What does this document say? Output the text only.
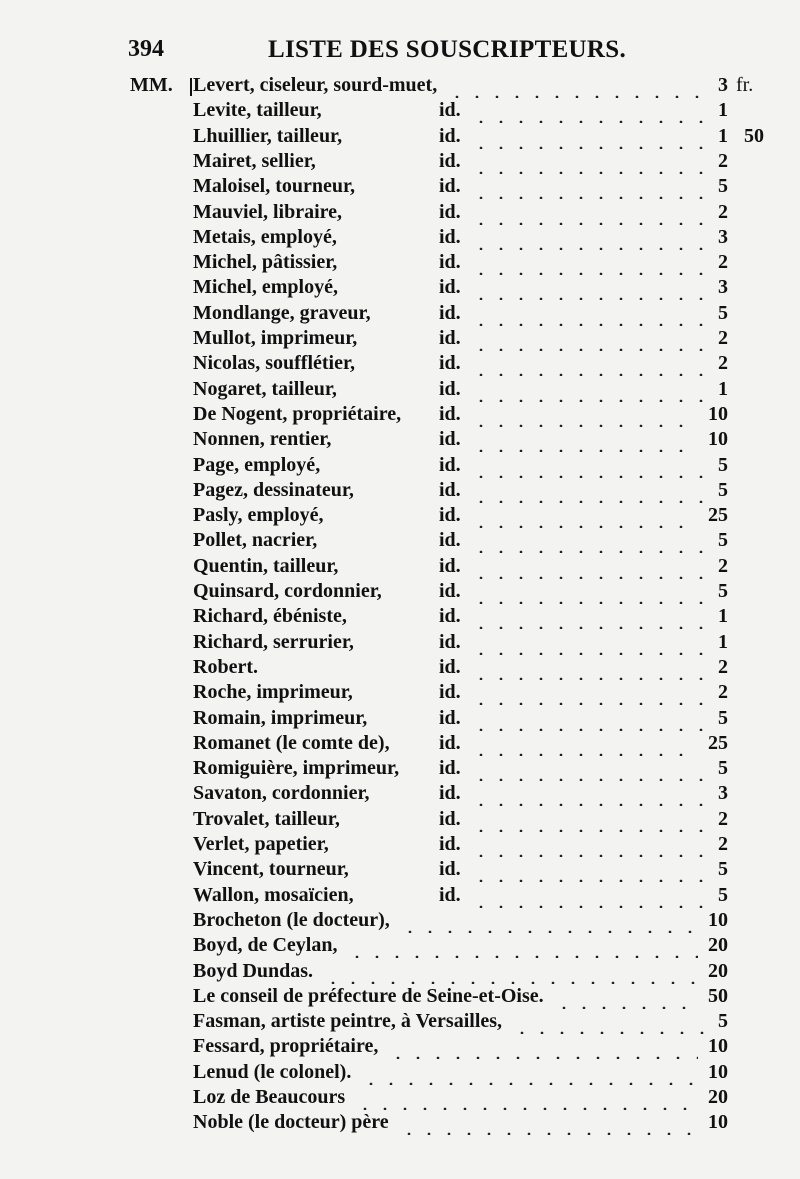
394	LISTE DES SOUSCRIPTEURS.
MM.	fr.
Levert, ciseleur, sourd-muet,	3
Levite, tailleur,	id.	1
Lhuillier, tailleur,	id.	1 50
Mairet, sellier,	id.	2
Maloisel, tourneur,	id.	5
Mauviel, libraire,	id.	2
Metais, employé,	id.	3
Michel, pâtissier,	id.	2
Michel, employé,	id.	3
Mondlange, graveur,	id.	5
Mullot, imprimeur,	id.	2
Nicolas, soufflétier,	id.	2
Nogaret, tailleur,	id.	1
De Nogent, propriétaire, id.	10
Nonnen, rentier,	id.	10
Page, employé,	id.	5
Pagez, dessinateur,	id.	5
Pasly, employé,	id.	25
Pollet, nacrier,	id.	5
Quentin, tailleur,	id.	2
Quinsard, cordonnier,	id.	5
Richard, ébéniste,	id.	1
Richard, serrurier,	id.	1
Robert.	id.	2
Roche, imprimeur,	id.	2
Romain, imprimeur,	id.	5
Romanet (le comte de), id.	25
Romiguière, imprimeur, id.	5
Savaton, cordonnier,	id.	3
Trovalet, tailleur,	id.	2
Verlet, papetier,	id.	2
Vincent, tourneur,	id.	5
Wallon, mosaïcien,	id.	5
Brocheton (le docteur),	10
Boyd, de Ceylan,	20
Boyd Dundas.	20
Le conseil de préfecture de Seine-et-Oise.	50
Fasman, artiste peintre, à Versailles,	5
Fessard, propriétaire,	10
Lenud (le colonel).	10
Loz de Beaucours	20
Noble (le docteur) père	10
